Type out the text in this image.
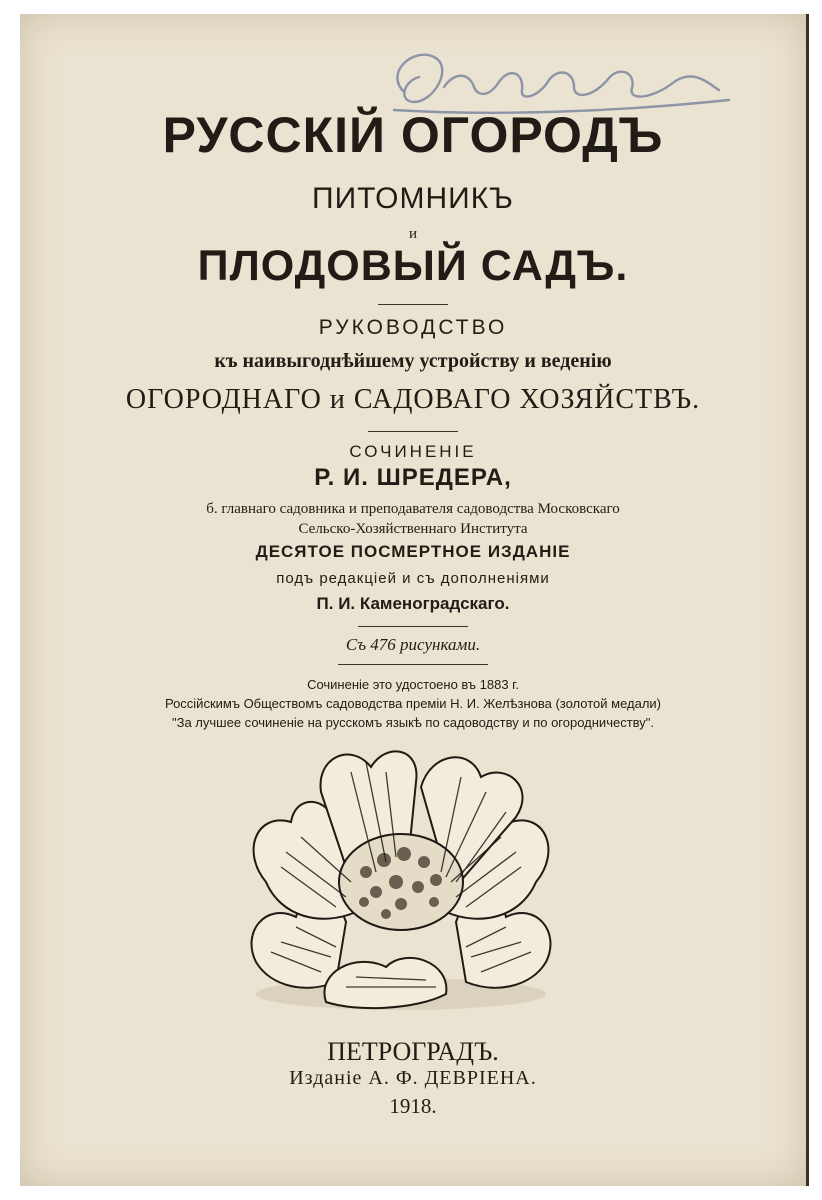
РУССКІЙ ОГОРОДЪ
ПИТОМНИКЪ
и
ПЛОДОВЫЙ САДЪ.
РУКОВОДСТВО
къ наивыгоднѣйшему устройству и веденію
ОГОРОДНАГО и САДОВАГО ХОЗЯЙСТВЪ.
СОЧИНЕНІЕ
Р. И. ШРЕДЕРА,
б. главнаго садовника и преподавателя садоводства Московскаго
Сельско-Хозяйственнаго Института
ДЕСЯТОЕ ПОСМЕРТНОЕ ИЗДАНІЕ
подъ редакціей и съ дополненіями
П. И. Каменоградскаго.
Съ 476 рисунками.
Сочиненіе это удостоено въ 1883 г.
Россійскимъ Обществомъ садоводства преміи Н. И. Желѣзнова (золотой медали)
"За лучшее сочиненіе на русскомъ языкѣ по садоводству и по огородничеству".
ПЕТРОГРАДЪ.
Изданіе А. Ф. ДЕВРІЕНА.
1918.
